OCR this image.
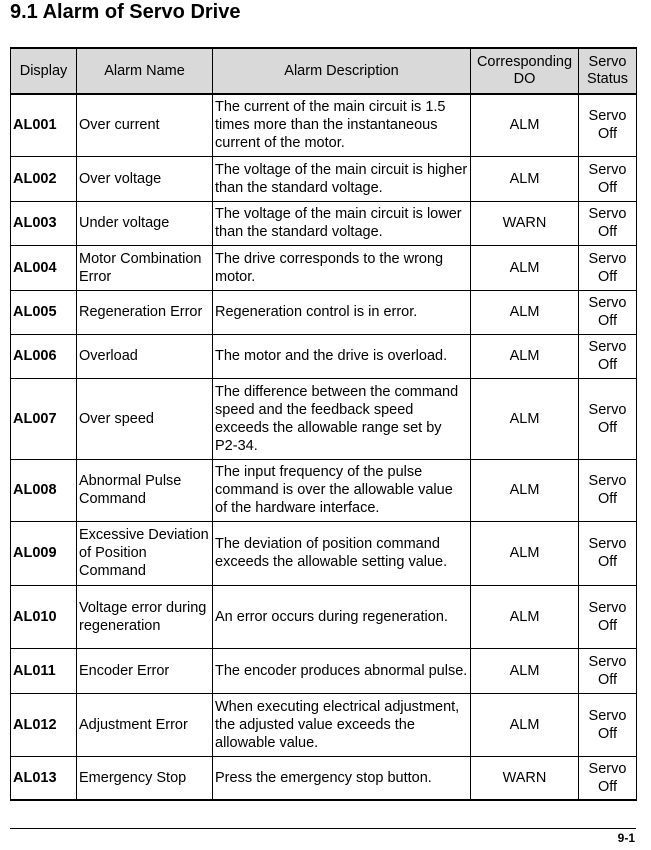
9.1 Alarm of Servo Drive
Display	Alarm Name	Alarm Description	Corresponding DO	Servo Status
AL001	Over current	The current of the main circuit is 1.5 times more than the instantaneous current of the motor.	ALM	Servo Off
AL002	Over voltage	The voltage of the main circuit is higher than the standard voltage.	ALM	Servo Off
AL003	Under voltage	The voltage of the main circuit is lower than the standard voltage.	WARN	Servo Off
AL004	Motor Combination Error	The drive corresponds to the wrong motor.	ALM	Servo Off
AL005	Regeneration Error	Regeneration control is in error.	ALM	Servo Off
AL006	Overload	The motor and the drive is overload.	ALM	Servo Off
AL007	Over speed	The difference between the command speed and the feedback speed exceeds the allowable range set by P2-34.	ALM	Servo Off
AL008	Abnormal Pulse Command	The input frequency of the pulse command is over the allowable value of the hardware interface.	ALM	Servo Off
AL009	Excessive Deviation of Position Command	The deviation of position command exceeds the allowable setting value.	ALM	Servo Off
AL010	Voltage error during regeneration	An error occurs during regeneration.	ALM	Servo Off
AL011	Encoder Error	The encoder produces abnormal pulse.	ALM	Servo Off
AL012	Adjustment Error	When executing electrical adjustment, the adjusted value exceeds the allowable value.	ALM	Servo Off
AL013	Emergency Stop	Press the emergency stop button.	WARN	Servo Off
9-1
